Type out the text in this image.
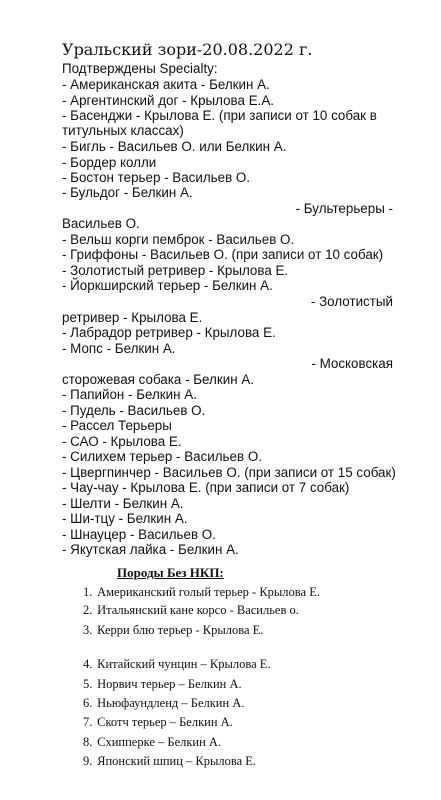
Уральский зори-20.08.2022 г.
Подтверждены Specialty:
- Американская акита - Белкин А.
- Аргентинский дог - Крылова Е.А.
- Басенджи - Крылова Е. (при записи от 10 собак в
титульных классах)
- Бигль - Васильев О. или Белкин А.
- Бордер колли
- Бостон терьер - Васильев О.
- Бульдог - Белкин А.
- Бультерьеры -
Васильев О.
- Вельш корги пемброк - Васильев О.
- Гриффоны - Васильев О. (при записи от 10 собак)
- Золотистый ретривер - Крылова Е.
- Йоркширский терьер - Белкин А.
- Золотистый
ретривер - Крылова Е.
- Лабрадор ретривер - Крылова Е.
- Мопс - Белкин А.
- Московская
сторожевая собака - Белкин А.
- Папийон - Белкин А.
- Пудель - Васильев О.
- Рассел Терьеры
- САО - Крылова Е.
- Силихем терьер - Васильев О.
- Цвергпинчер - Васильев О. (при записи от 15 собак)
- Чау-чау - Крылова Е. (при записи от 7 собак)
- Шелти - Белкин А.
- Ши-тцу - Белкин А.
- Шнауцер - Васильев О.
- Якутская лайка - Белкин А.
Породы Без НКП:
1. Американский голый терьер - Крылова Е.
2. Итальянский кане корсо - Васильев о.
3. Керри блю терьер - Крылова Е.
4. Китайский чунцин – Крылова Е.
5. Норвич терьер – Белкин А.
6. Ньюфаундленд – Белкин А.
7. Скотч терьер – Белкин А.
8. Схипперке – Белкин А.
9. Японский шпиц – Крылова Е.
